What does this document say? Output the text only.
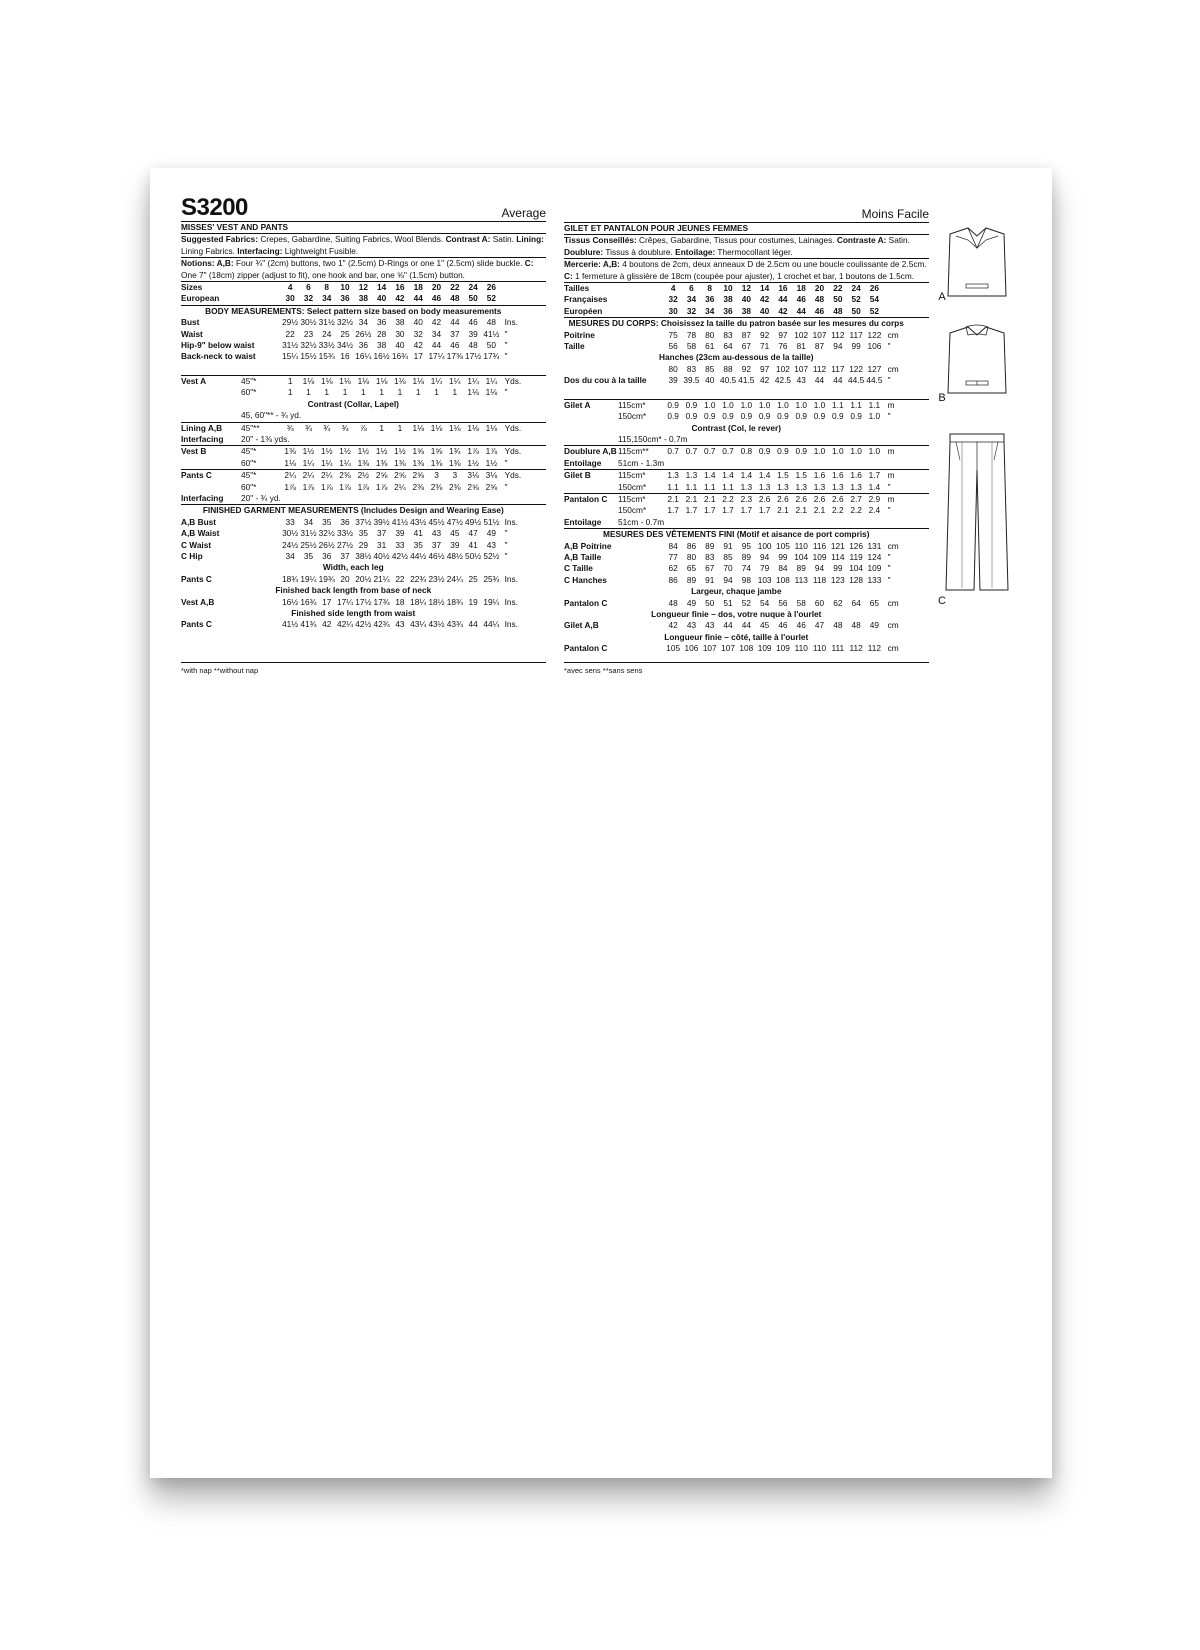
S3200	Average
MISSES' VEST AND PANTS
Suggested Fabrics: Crepes, Gabardine, Suiting Fabrics, Wool Blends. Contrast A: Satin. Lining: Lining Fabrics. Interfacing: Lightweight Fusible.
Notions: A,B: Four ¾" (2cm) buttons, two 1" (2.5cm) D-Rings or one 1" (2.5cm) slide buckle. C: One 7" (18cm) zipper (adjust to fit), one hook and bar, one ⅝" (1.5cm) button.
Sizes	4	6	8	10	12	14	16	18	20	22	24	26
European	30	32	34	36	38	40	42	44	46	48	50	52
BODY MEASUREMENTS: Select pattern size based on body measurements
Bust	29½ 30½ 31½ 32½ 34	36	38	40	42	44	46	48	Ins.
Waist	22	23	24	25 26½ 28	30	32	34	37	39 41½ "
Hip-9" below waist	31½ 32½ 33½ 34½ 36	38	40	42	44	46	48	50	"
Back-neck to waist	15¼ 15½ 15¾ 16 16¼ 16½ 16¾ 17 17¼ 17⅜ 17½ 17¾ "
Vest A	45"*	1	1⅛ 1⅛ 1⅛ 1⅛ 1⅛ 1⅛ 1⅛ 1¼ 1¼ 1¼ 1¼ Yds.
60"*	1	1	1	1	1	1	1	1	1	1	1⅛ 1⅛ "
Contrast (Collar, Lapel)
45, 60"** - ¾ yd.
Lining A,B	45"**	¾	¾	¾	¾	⅞	1	1	1⅛ 1⅛ 1⅛ 1⅛ 1⅛ Yds.
Interfacing	20" - 1⅜ yds.
Vest B	45"*	1⅜ 1½ 1½ 1½ 1½ 1½ 1½ 1⅝ 1⅝ 1¾ 1⅞ 1⅞ Yds.
60"*	1⅛ 1¼ 1¼ 1¼ 1⅜ 1⅜ 1⅜ 1⅜ 1⅜ 1⅜ 1½ 1½ "
Pants C	45"*	2¼ 2¼ 2¼ 2⅜ 2½ 2⅝ 2⅝ 2⅝	3	3	3⅛ 3⅛ Yds.
60"*	1⅞ 1⅞ 1⅞ 1⅞ 1⅞ 1⅞ 2¼ 2⅜ 2⅜ 2⅜ 2⅝ 2⅝ "
Interfacing	20" - ¾ yd.
FINISHED GARMENT MEASUREMENTS (Includes Design and Wearing Ease)
A,B Bust	33	34	35	36 37½ 39½ 41½ 43½ 45½ 47½ 49½ 51½ Ins.
A,B Waist	30½ 31½ 32½ 33½ 35	37	39	41	43	45	47	49	"
C Waist	24½ 25½ 26½ 27½ 29	31	33	35	37	39	41	43	"
C Hip	34	35	36	37 38½ 40½ 42½ 44½ 46½ 48½ 50½ 52½ "
Width, each leg
Pants C	18¾ 19¼ 19¾ 20 20½ 21¼ 22 22¾ 23½ 24¼ 25 25¾ Ins.
Finished back length from base of neck
Vest A,B	16½ 16¾ 17 17¼ 17½ 17¾ 18 18¼ 18½ 18¾ 19 19¼ Ins.
Finished side length from waist
Pants C	41½ 41¾ 42 42¼ 42½ 42¾ 43 43¼ 43½ 43¾ 44 44¼ Ins.
Moins Facile
GILET ET PANTALON POUR JEUNES FEMMES
Tissus Conseillés: Crêpes, Gabardine, Tissus pour costumes, Lainages. Contraste A: Satin. Doublure: Tissus à doublure. Entoilage: Thermocollant léger.
Mercerie: A,B: 4 boutons de 2cm, deux anneaux D de 2.5cm ou une boucle coulissante de 2.5cm. C: 1 fermeture à glissière de 18cm (coupée pour ajuster), 1 crochet et bar, 1 boutons de 1.5cm.
Tailles	4	6	8	10	12	14	16	18	20	22	24	26
Françaises	32	34	36	38	40	42	44	46	48	50	52	54
Européen	30	32	34	36	38	40	42	44	46	48	50	52
MESURES DU CORPS: Choisissez la taille du patron basée sur les mesures du corps
Poitrine	75	78	80	83	87	92	97 102 107 112 117 122 cm
Taille	56	58	61	64	67	71	76	81	87	94	99 106 "
Hanches (23cm au-dessous de la taille)
80	83	85	88	92	97 102 107 112 117 122 127 cm
Dos du cou à la taille	39 39.5 40 40.5 41.5 42 42.5 43	44	44 44.5 44.5 "
Gilet A	115cm*	0.9 0.9 1.0 1.0 1.0 1.0 1.0 1.0 1.0 1.1 1.1 1.1 m
150cm*	0.9 0.9 0.9 0.9 0.9 0.9 0.9 0.9 0.9 0.9 0.9 1.0 "
Contrast (Col, le rever)
115,150cm* - 0.7m
Doublure A,B 115cm**	0.7 0.7 0.7 0.7 0.8 0.9 0.9 0.9 1.0 1.0 1.0 1.0 m
Entoilage	51cm - 1.3m
Gilet B	115cm*	1.3 1.3 1.4 1.4 1.4 1.4 1.5 1.5 1.6 1.6 1.6 1.7 m
150cm*	1.1 1.1 1.1 1.1 1.3 1.3 1.3 1.3 1.3 1.3 1.3 1.4 "
Pantalon C	115cm*	2.1 2.1 2.1 2.2 2.3 2.6 2.6 2.6 2.6 2.6 2.7 2.9 m
150cm*	1.7 1.7 1.7 1.7 1.7 1.7 2.1 2.1 2.1 2.2 2.2 2.4 "
Entoilage	51cm - 0.7m
MESURES DES VÊTEMENTS FINI (Motif et aisance de port compris)
A,B Poitrine	84	86	89	91	95 100 105 110 116 121 126 131 cm
A,B Taille	77	80	83	85	89	94	99 104 109 114 119 124 "
C Taille	62	65	67	70	74	79	84	89	94	99 104 109 "
C Hanches	86	89	91	94	98 103 108 113 118 123 128 133 "
Largeur, chaque jambe
Pantalon C	48	49	50	51	52	54	56	58	60	62	64	65	cm
Longueur finie – dos, votre nuque à l'ourlet
Gilet A,B	42	43	43	44	44	45	46	46	47	48	48	49	cm
Longueur finie – côté, taille à l'ourlet
Pantalon C	105 106 107 107 108 109 109 110 110 111 112 112 cm
*with nap **without nap	*avec sens **sans sens
A
B
C
